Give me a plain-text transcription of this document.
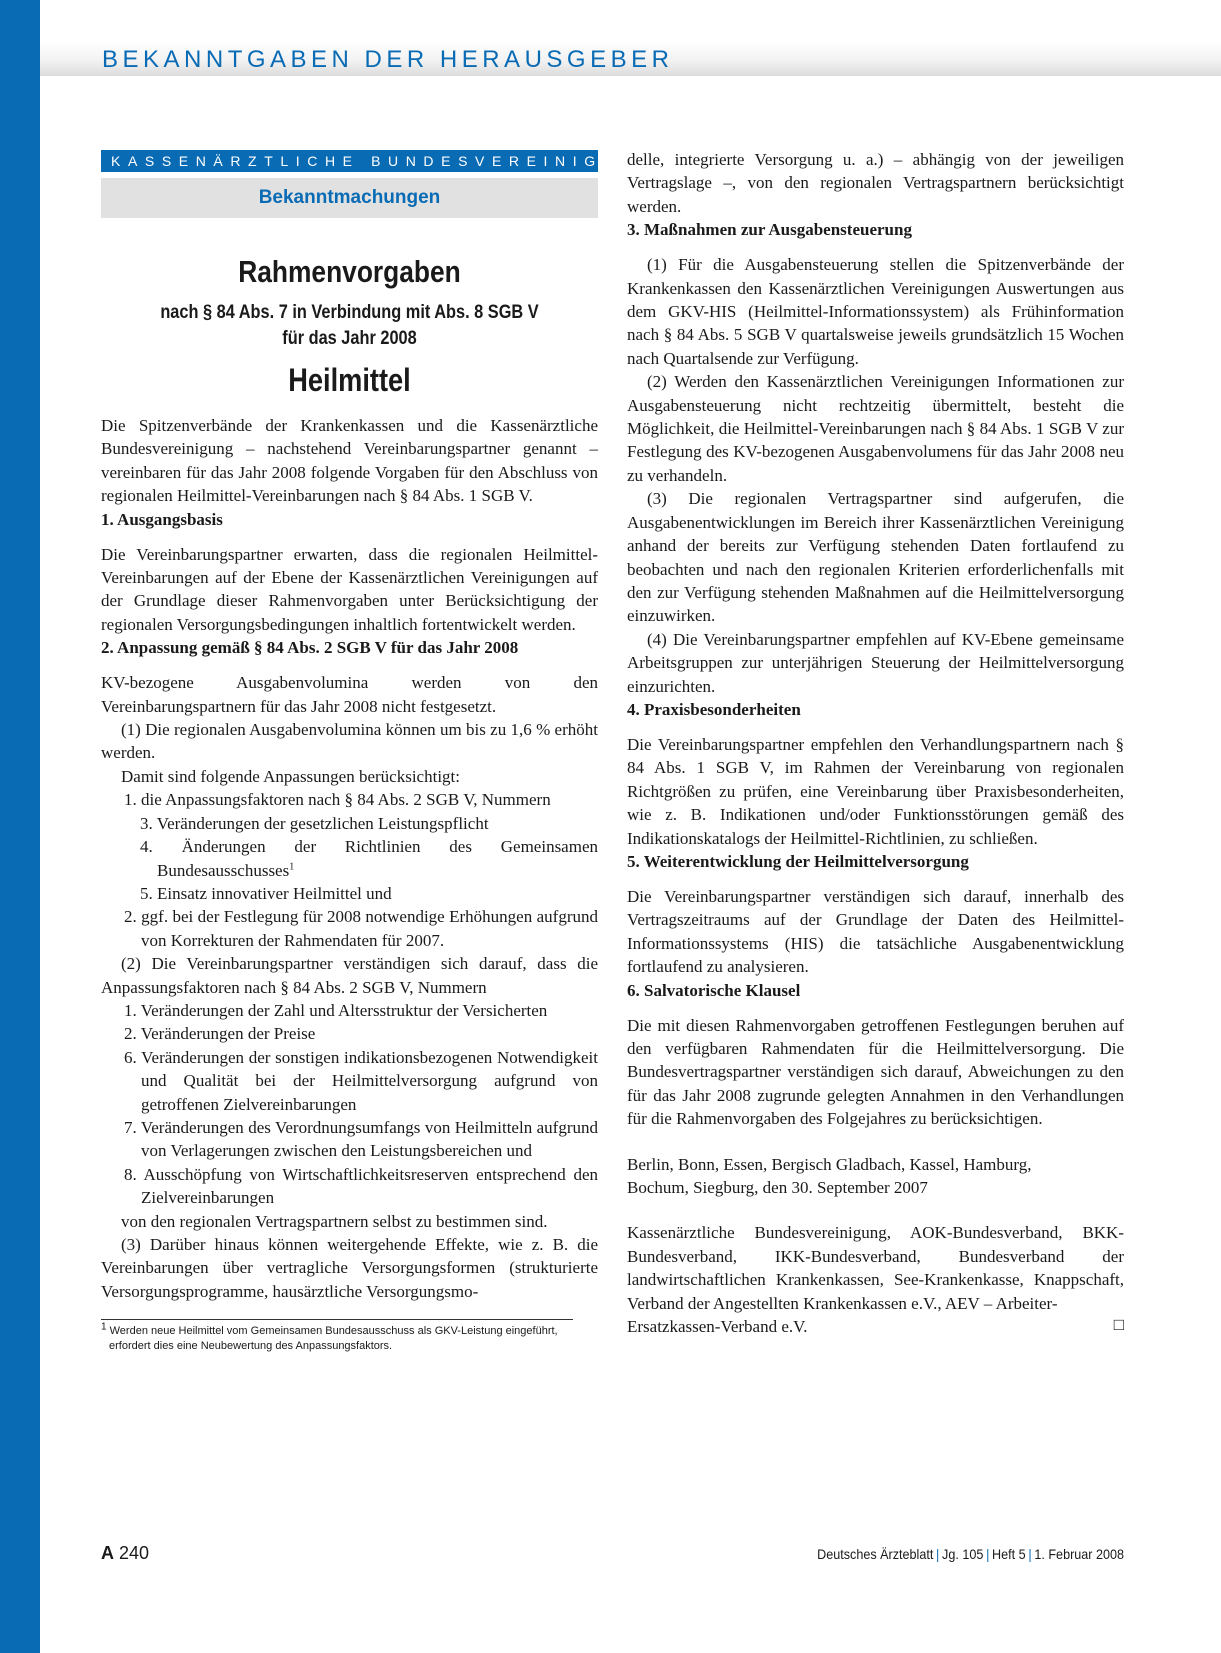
BEKANNTGABEN DER HERAUSGEBER
KASSENÄRZTLICHE BUNDESVEREINIGUNG
Bekanntmachungen
Rahmenvorgaben
nach § 84 Abs. 7 in Verbindung mit Abs. 8 SGB V
für das Jahr 2008
Heilmittel

Die Spitzenverbände der Krankenkassen und die Kassenärztliche Bundesvereinigung – nachstehend Vereinbarungspartner genannt – vereinbaren für das Jahr 2008 folgende Vorgaben für den Abschluss von regionalen Heilmittel-Vereinbarungen nach § 84 Abs. 1 SGB V.

1. Ausgangsbasis

Die Vereinbarungspartner erwarten, dass die regionalen Heilmittel-Vereinbarungen auf der Ebene der Kassenärztlichen Vereinigungen auf der Grundlage dieser Rahmenvorgaben unter Berücksichtigung der regionalen Versorgungsbedingungen inhaltlich fortentwickelt werden.

2. Anpassung gemäß § 84 Abs. 2 SGB V für das Jahr 2008

KV-bezogene Ausgabenvolumina werden von den Vereinbarungspartnern für das Jahr 2008 nicht festgesetzt.

(1) Die regionalen Ausgabenvolumina können um bis zu 1,6 % erhöht werden.

Damit sind folgende Anpassungen berücksichtigt:

1. die Anpassungsfaktoren nach § 84 Abs. 2 SGB V, Nummern

3. Veränderungen der gesetzlichen Leistungspflicht

4. Änderungen der Richtlinien des Gemeinsamen Bundesausschusses$^1$

5. Einsatz innovativer Heilmittel und

2. ggf. bei der Festlegung für 2008 notwendige Erhöhungen aufgrund von Korrekturen der Rahmendaten für 2007.

(2) Die Vereinbarungspartner verständigen sich darauf, dass die Anpassungsfaktoren nach § 84 Abs. 2 SGB V, Nummern

1. Veränderungen der Zahl und Altersstruktur der Versicherten

2. Veränderungen der Preise

6. Veränderungen der sonstigen indikationsbezogenen Notwendigkeit und Qualität bei der Heilmittelversorgung aufgrund von getroffenen Zielvereinbarungen

7. Veränderungen des Verordnungsumfangs von Heilmitteln aufgrund von Verlagerungen zwischen den Leistungsbereichen und

8. Ausschöpfung von Wirtschaftlichkeitsreserven entsprechend den Zielvereinbarungen

von den regionalen Vertragspartnern selbst zu bestimmen sind.

(3) Darüber hinaus können weitergehende Effekte, wie z. B. die Vereinbarungen über vertragliche Versorgungsformen (strukturierte Versorgungsprogramme, hausärztliche Versorgungsmo-

$^1$ Werden neue Heilmittel vom Gemeinsamen Bundesausschuss als GKV-Leistung eingeführt, erfordert dies eine Neubewertung des Anpassungsfaktors.

delle, integrierte Versorgung u. a.) – abhängig von der jeweiligen Vertragslage –, von den regionalen Vertragspartnern berücksichtigt werden.

3. Maßnahmen zur Ausgabensteuerung

(1) Für die Ausgabensteuerung stellen die Spitzenverbände der Krankenkassen den Kassenärztlichen Vereinigungen Auswertungen aus dem GKV-HIS (Heilmittel-Informationssystem) als Frühinformation nach § 84 Abs. 5 SGB V quartalsweise jeweils grundsätzlich 15 Wochen nach Quartalsende zur Verfügung.

(2) Werden den Kassenärztlichen Vereinigungen Informationen zur Ausgabensteuerung nicht rechtzeitig übermittelt, besteht die Möglichkeit, die Heilmittel-Vereinbarungen nach § 84 Abs. 1 SGB V zur Festlegung des KV-bezogenen Ausgabenvolumens für das Jahr 2008 neu zu verhandeln.

(3) Die regionalen Vertragspartner sind aufgerufen, die Ausgabenentwicklungen im Bereich ihrer Kassenärztlichen Vereinigung anhand der bereits zur Verfügung stehenden Daten fortlaufend zu beobachten und nach den regionalen Kriterien erforderlichenfalls mit den zur Verfügung stehenden Maßnahmen auf die Heilmittelversorgung einzuwirken.

(4) Die Vereinbarungspartner empfehlen auf KV-Ebene gemeinsame Arbeitsgruppen zur unterjährigen Steuerung der Heilmittelversorgung einzurichten.

4. Praxisbesonderheiten

Die Vereinbarungspartner empfehlen den Verhandlungspartnern nach § 84 Abs. 1 SGB V, im Rahmen der Vereinbarung von regionalen Richtgrößen zu prüfen, eine Vereinbarung über Praxisbesonderheiten, wie z. B. Indikationen und/oder Funktionsstörungen gemäß des Indikationskatalogs der Heilmittel-Richtlinien, zu schließen.

5. Weiterentwicklung der Heilmittelversorgung

Die Vereinbarungspartner verständigen sich darauf, innerhalb des Vertragszeitraums auf der Grundlage der Daten des Heilmittel-Informationssystems (HIS) die tatsächliche Ausgabenentwicklung fortlaufend zu analysieren.

6. Salvatorische Klausel

Die mit diesen Rahmenvorgaben getroffenen Festlegungen beruhen auf den verfügbaren Rahmendaten für die Heilmittelversorgung. Die Bundesvertragspartner verständigen sich darauf, Abweichungen zu den für das Jahr 2008 zugrunde gelegten Annahmen in den Verhandlungen für die Rahmenvorgaben des Folgejahres zu berücksichtigen.

Berlin, Bonn, Essen, Bergisch Gladbach, Kassel, Hamburg,
Bochum, Siegburg, den 30. September 2007

Kassenärztliche Bundesvereinigung, AOK-Bundesverband, BKK-Bundesverband, IKK-Bundesverband, Bundesverband der landwirtschaftlichen Krankenkassen, See-Krankenkasse, Knappschaft, Verband der Angestellten Krankenkassen e.V., AEV – Arbeiter-

Ersatzkassen-Verband e.V.	□
A 240	Deutsches Ärzteblatt | Jg. 105 | Heft 5 | 1. Februar 2008
